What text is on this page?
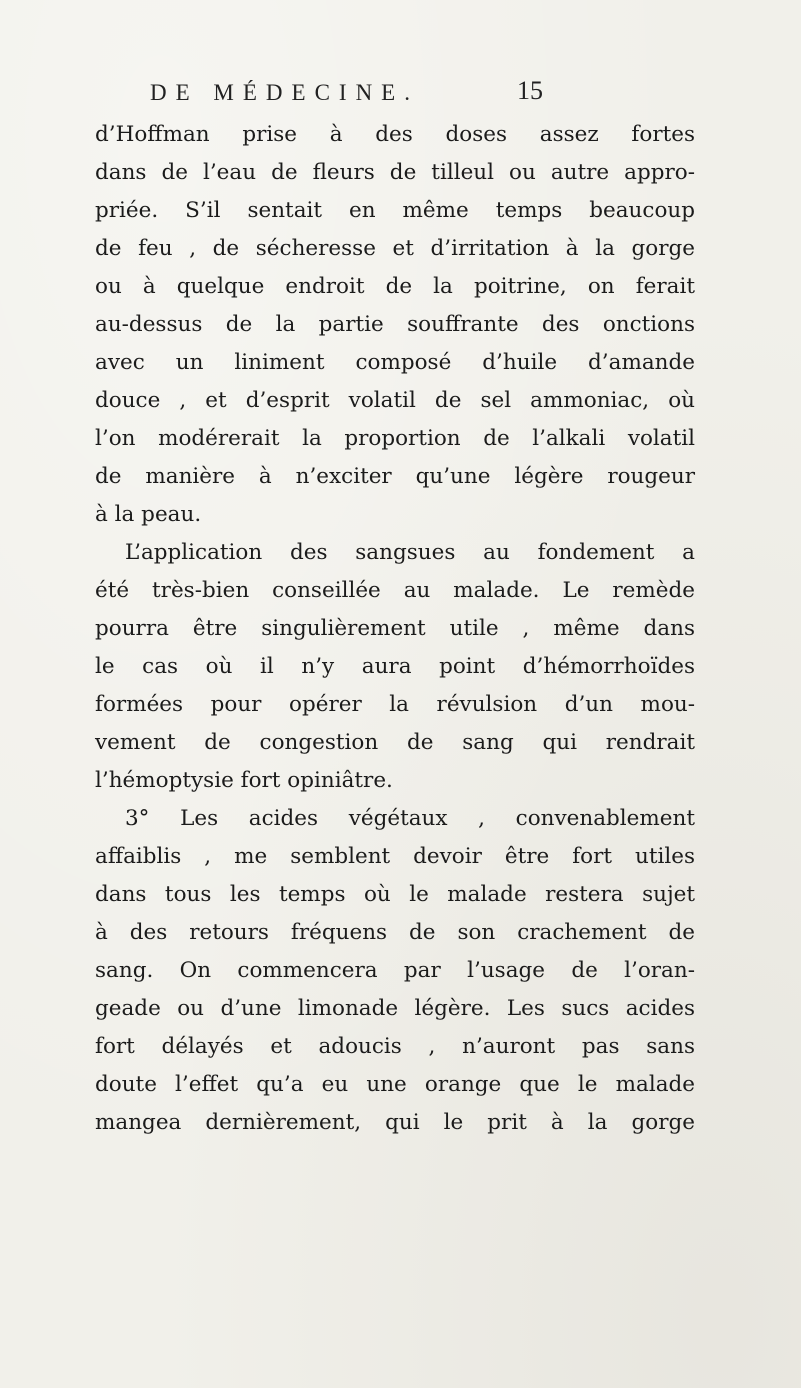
DE MÉDECINE.	15
d’Hoffman prise à des doses assez fortes
dans de l’eau de fleurs de tilleul ou autre appro-
priée. S’il sentait en même temps beaucoup
de feu , de sécheresse et d’irritation à la gorge
ou à quelque endroit de la poitrine, on ferait
au-dessus de la partie souffrante des onctions
avec un liniment composé d’huile d’amande
douce , et d’esprit volatil de sel ammoniac, où
l’on modérerait la proportion de l’alkali volatil
de manière à n’exciter qu’une légère rougeur
à la peau.
L’application des sangsues au fondement a
été très-bien conseillée au malade. Le remède
pourra être singulièrement utile , même dans
le cas où il n’y aura point d’hémorrhoïdes
formées pour opérer la révulsion d’un mou-
vement de congestion de sang qui rendrait
l’hémoptysie fort opiniâtre.
3° Les acides végétaux , convenablement
affaiblis , me semblent devoir être fort utiles
dans tous les temps où le malade restera sujet
à des retours fréquens de son crachement de
sang. On commencera par l’usage de l’oran-
geade ou d’une limonade légère. Les sucs acides
fort délayés et adoucis , n’auront pas sans
doute l’effet qu’a eu une orange que le malade
mangea dernièrement, qui le prit à la gorge
